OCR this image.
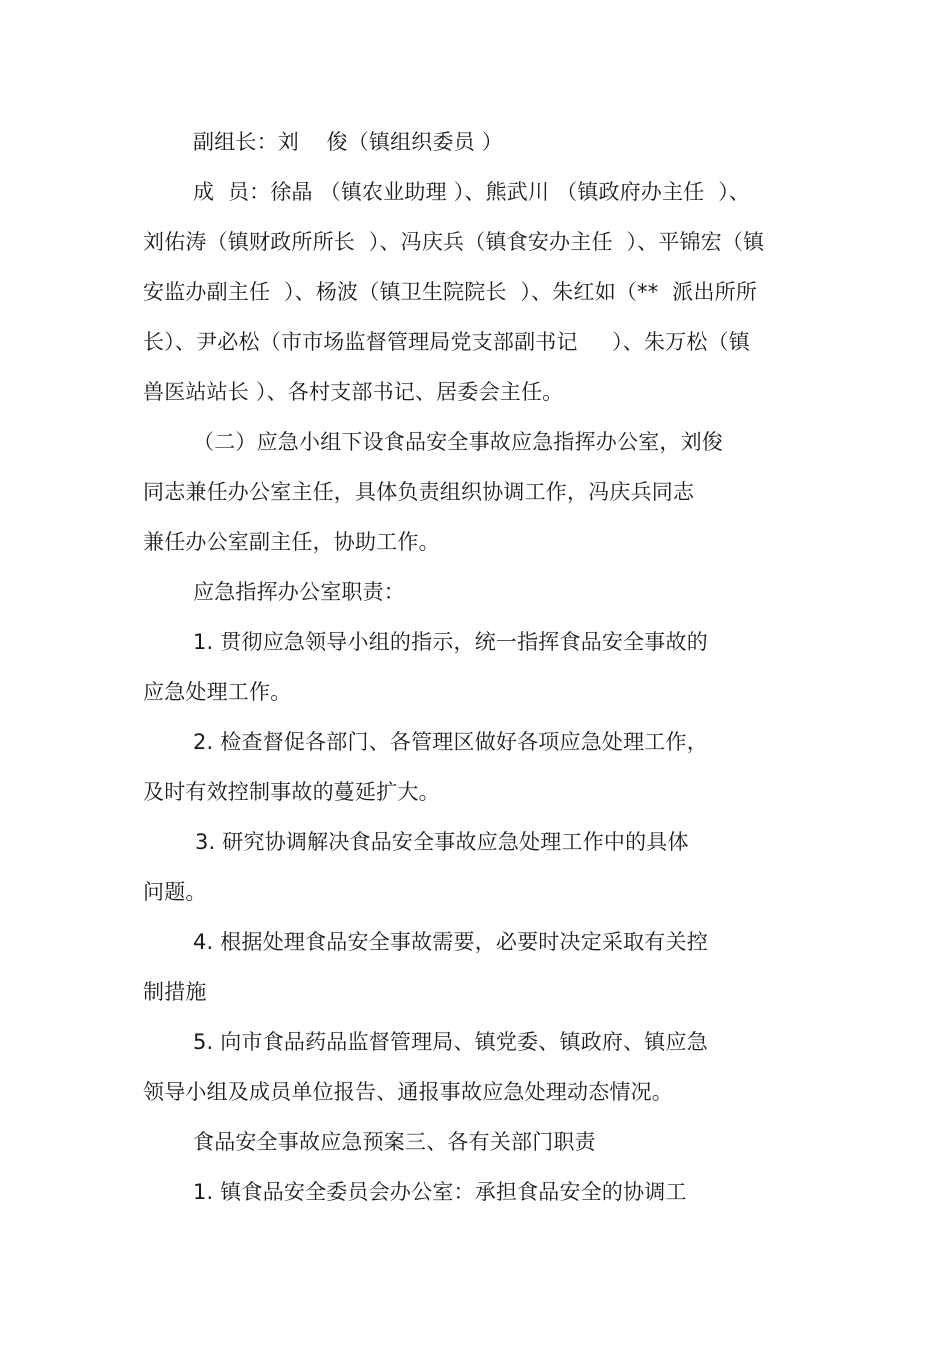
副组长：刘    俊（镇组织委员 ）
成  员：徐晶 （镇农业助理 ）、熊武川 （镇政府办主任  ）、
刘佑涛（镇财政所所长  ）、冯庆兵（镇食安办主任  ）、平锦宏（镇
安监办副主任  ）、杨波（镇卫生院院长  ）、朱红如（**  派出所所
长）、尹必松（市市场监督管理局党支部副书记     ）、朱万松（镇
兽医站站长 ）、各村支部书记、居委会主任。
（二）应急小组下设食品安全事故应急指挥办公室，刘俊
同志兼任办公室主任，具体负责组织协调工作，冯庆兵同志
兼任办公室副主任，协助工作。
应急指挥办公室职责：
1. 贯彻应急领导小组的指示，统一指挥食品安全事故的
应急处理工作。
2. 检查督促各部门、各管理区做好各项应急处理工作，
及时有效控制事故的蔓延扩大。
3. 研究协调解决食品安全事故应急处理工作中的具体
问题。
4. 根据处理食品安全事故需要，必要时决定采取有关控
制措施
5. 向市食品药品监督管理局、镇党委、镇政府、镇应急
领导小组及成员单位报告、通报事故应急处理动态情况。
食品安全事故应急预案三、各有关部门职责
1. 镇食品安全委员会办公室：承担食品安全的协调工
